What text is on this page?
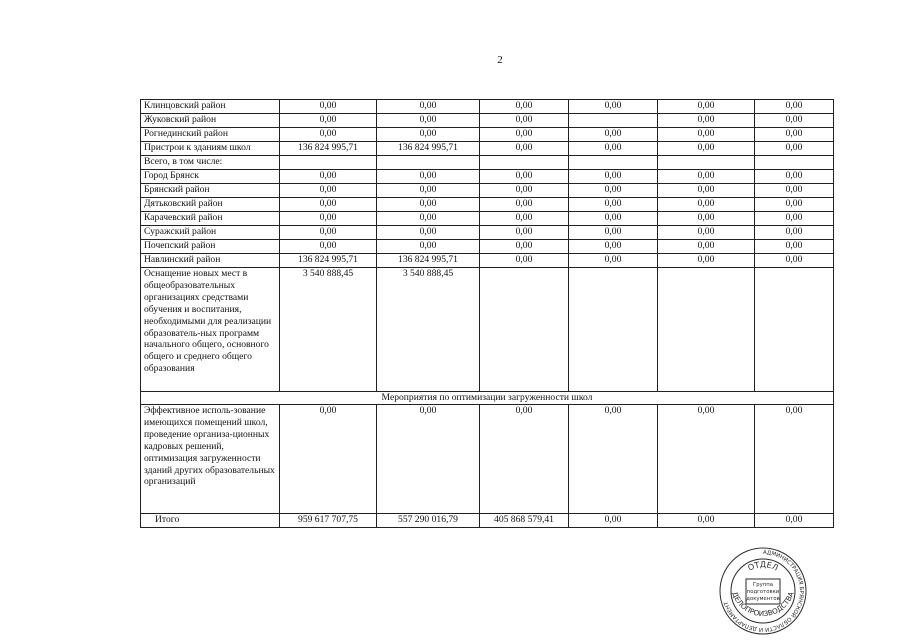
2
Клинцовский район	0,00	0,00	0,00	0,00	0,00	0,00
Жуковский район	0,00	0,00	0,00		0,00	0,00
Рогнединский район	0,00	0,00	0,00	0,00	0,00	0,00
Пристрои к зданиям школ	136 824 995,71	136 824 995,71	0,00	0,00	0,00	0,00
Всего, в том числе:						
Город Брянск	0,00	0,00	0,00	0,00	0,00	0,00
Брянский район	0,00	0,00	0,00	0,00	0,00	0,00
Дятьковский район	0,00	0,00	0,00	0,00	0,00	0,00
Карачевский район	0,00	0,00	0,00	0,00	0,00	0,00
Суражский район	0,00	0,00	0,00	0,00	0,00	0,00
Почепский район	0,00	0,00	0,00	0,00	0,00	0,00
Навлинский район	136 824 995,71	136 824 995,71	0,00	0,00	0,00	0,00
Оснащение новых мест в общеобразовательных организациях средствами обучения и воспитания, необходимыми для реализации образователь-ных программ начального общего, основного общего и среднего общего образования	3 540 888,45	3 540 888,45				
Мероприятия по оптимизации загруженности школ						
Эффективное исполь-зование имеющихся помещений школ, проведение организа-ционных кадровых решений, оптимизация загруженности зданий других образовательных организаций	0,00	0,00	0,00	0,00	0,00	0,00
Итого	959 617 707,75	557 290 016,79	405 868 579,41	0,00	0,00	0,00
АДМИНИСТРАЦИЯ БРЯНСКОЙ ОБЛАСТИ И ДЕПАРТАМЕНТ
ОТДЕЛ
ДЕЛОПРОИЗВОДСТВА
Группа
подготовки
документов
